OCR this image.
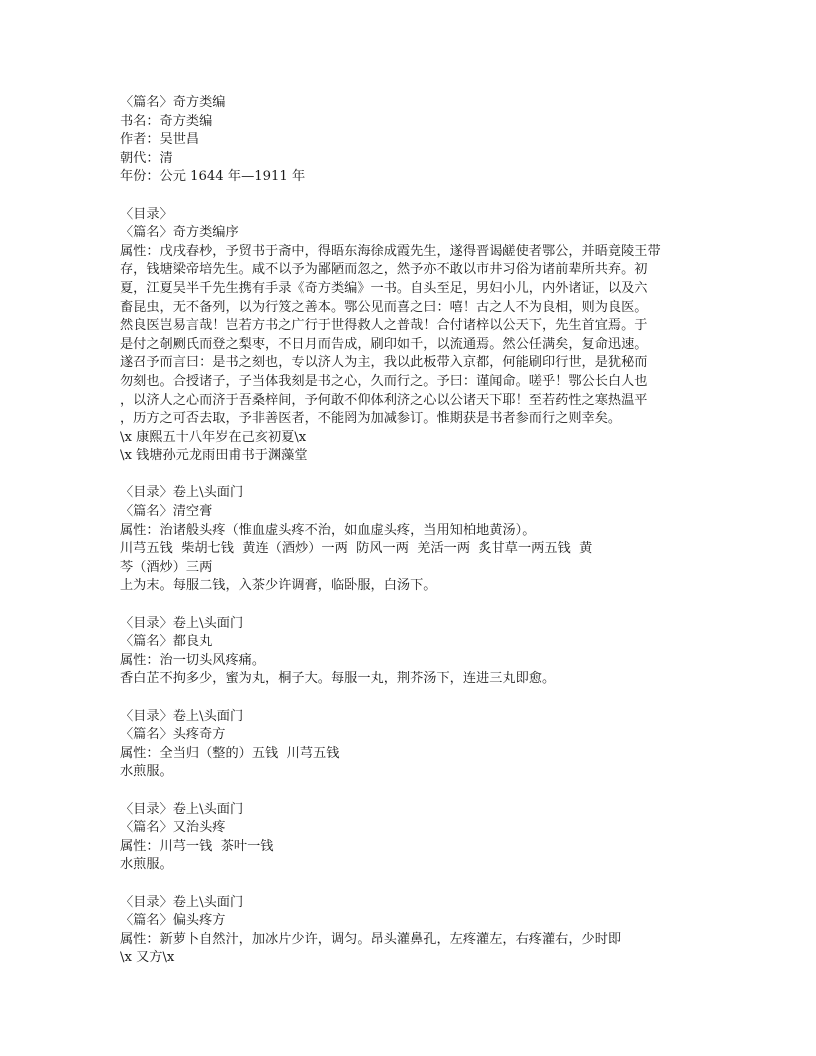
〈篇名〉奇方类编
书名：奇方类编
作者：吴世昌
朝代：清
年份：公元 1644 年—1911 年
〈目录〉
〈篇名〉奇方类编序
属性：戊戌春杪，予贸书于斋中，得晤东海徐成霞先生，遂得晋谒鹾使者鄂公，并晤竟陵王带
存，钱塘梁帝培先生。咸不以予为鄙陋而忽之，然予亦不敢以市井习俗为诸前辈所共弃。初
夏，江夏吴半千先生携有手录《奇方类编》一书。自头至足，男妇小儿，内外诸证，以及六
畜昆虫，无不备列，以为行笈之善本。鄂公见而喜之曰：嘻！古之人不为良相，则为良医。
然良医岂易言哉！岂若方书之广行于世得救人之普哉！合付诸梓以公天下，先生首宜焉。于
是付之剞劂氏而登之梨枣，不日月而告成，刷印如千，以流通焉。然公任满矣，复命迅速。
遂召予而言曰：是书之刻也，专以济人为主，我以此板带入京都，何能刷印行世，是犹秘而
勿刻也。合授诸子，子当体我刻是书之心，久而行之。予曰：谨闻命。嗟乎！鄂公长白人也
，以济人之心而济于吾桑梓间，予何敢不仰体利济之心以公诸天下耶！至若药性之寒热温平
，历方之可否去取，予非善医者，不能罔为加减参订。惟期获是书者参而行之则幸矣。
\x 康熙五十八年岁在己亥初夏\x
\x 钱塘孙元龙雨田甫书于渊藻堂
〈目录〉卷上\头面门
〈篇名〉清空膏
属性：治诸般头疼（惟血虚头疼不治，如血虚头疼，当用知柏地黄汤）。
川芎五钱  柴胡七钱  黄连（酒炒）一两  防风一两  羌活一两  炙甘草一两五钱  黄
芩（酒炒）三两
上为末。每服二钱，入茶少许调膏，临卧服，白汤下。
〈目录〉卷上\头面门
〈篇名〉都良丸
属性：治一切头风疼痛。
香白芷不拘多少，蜜为丸，桐子大。每服一丸，荆芥汤下，连进三丸即愈。
〈目录〉卷上\头面门
〈篇名〉头疼奇方
属性：全当归（整的）五钱  川芎五钱
水煎服。
〈目录〉卷上\头面门
〈篇名〉又治头疼
属性：川芎一钱  茶叶一钱
水煎服。
〈目录〉卷上\头面门
〈篇名〉偏头疼方
属性：新萝卜自然汁，加冰片少许，调匀。昂头灌鼻孔，左疼灌左，右疼灌右，少时即
\x 又方\x
